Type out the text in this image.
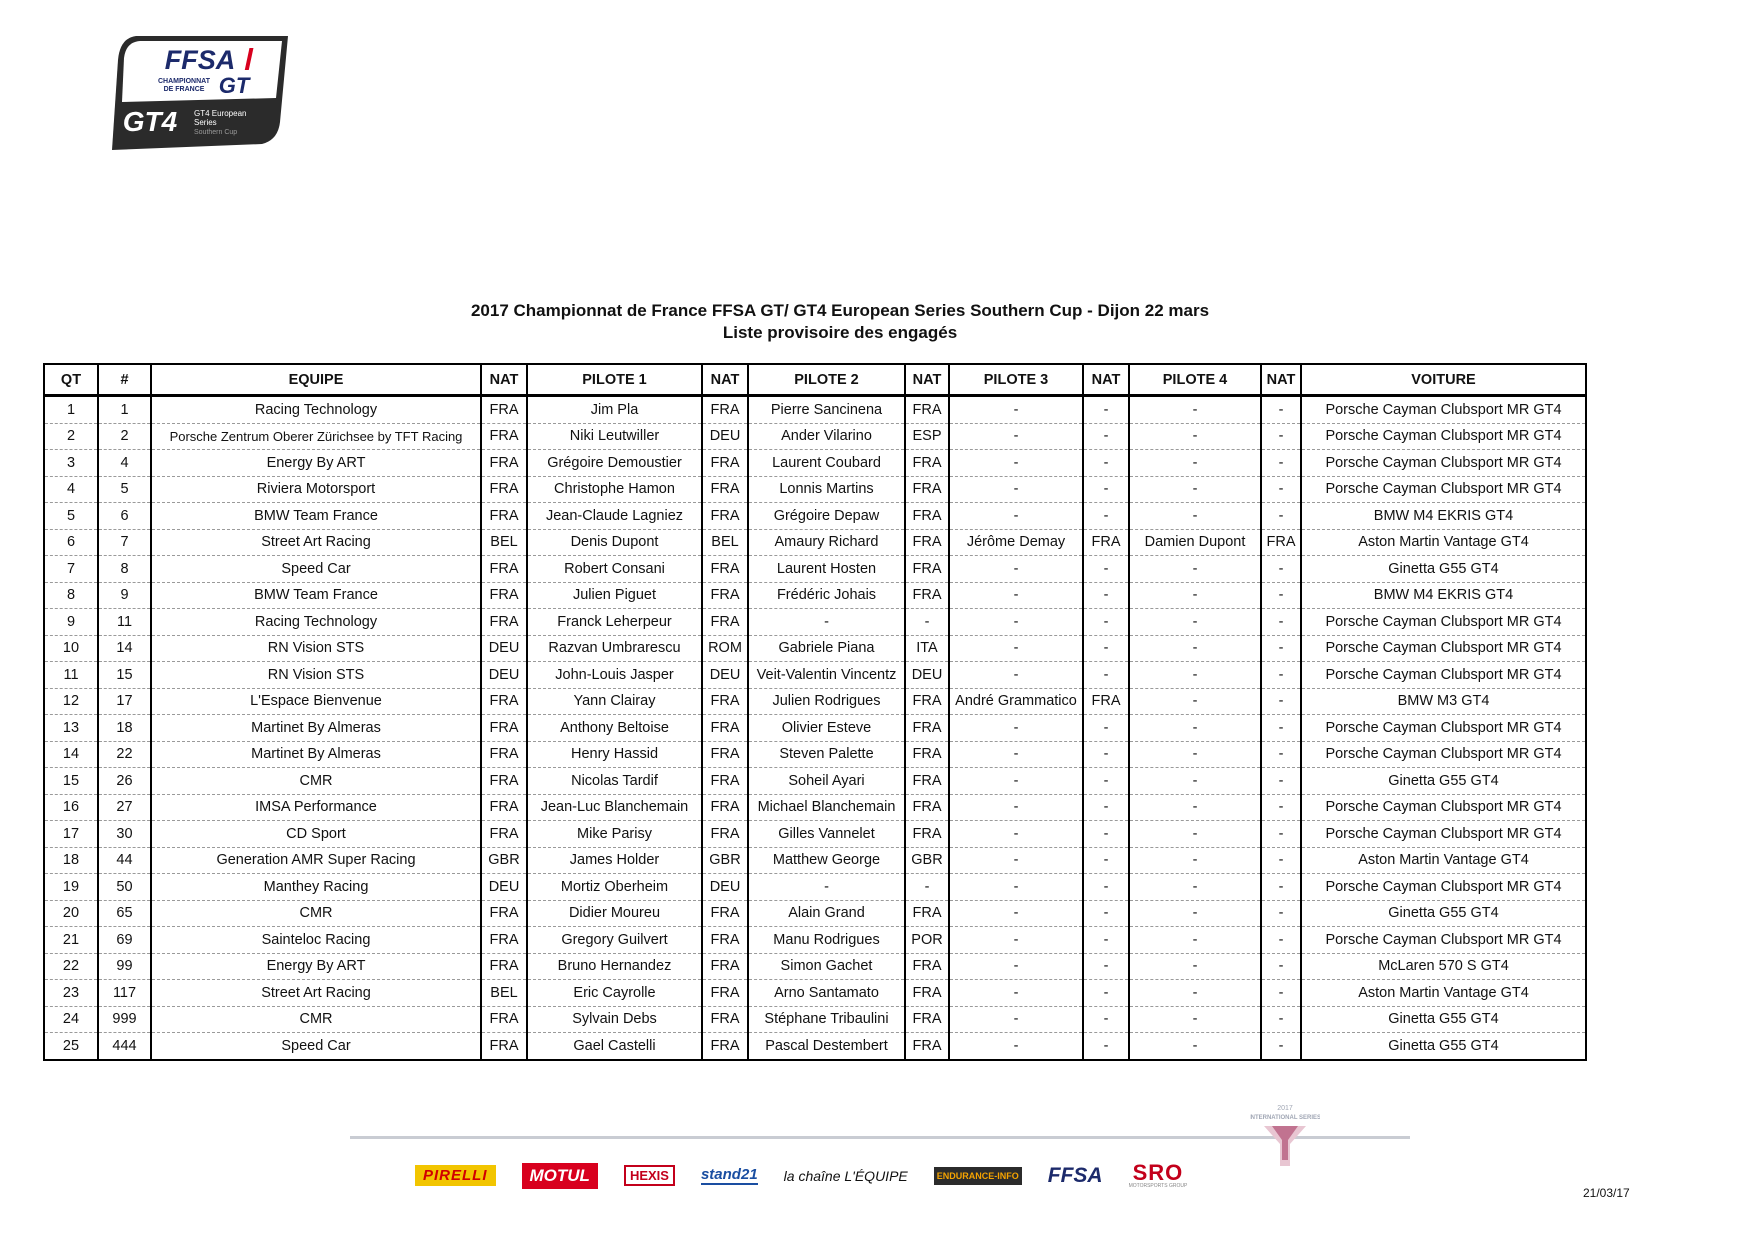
FFSA
CHAMPIONNAT
DE FRANCE GT
GT4 GT4 European
Series
Southern Cup
2017 Championnat de France FFSA GT/ GT4 European Series Southern Cup - Dijon 22 mars
Liste provisoire des engagés
QT	#	EQUIPE	NAT	PILOTE 1	NAT	PILOTE 2	NAT	PILOTE 3	NAT	PILOTE 4	NAT	VOITURE
1	1	Racing Technology	FRA	Jim Pla	FRA	Pierre Sancinena	FRA	-	-	-	-	Porsche Cayman Clubsport MR GT4
2	2	Porsche Zentrum Oberer Zürichsee by TFT Racing	FRA	Niki Leutwiller	DEU	Ander Vilarino	ESP	-	-	-	-	Porsche Cayman Clubsport MR GT4
3	4	Energy By ART	FRA	Grégoire Demoustier	FRA	Laurent Coubard	FRA	-	-	-	-	Porsche Cayman Clubsport MR GT4
4	5	Riviera Motorsport	FRA	Christophe Hamon	FRA	Lonnis Martins	FRA	-	-	-	-	Porsche Cayman Clubsport MR GT4
5	6	BMW Team France	FRA	Jean-Claude Lagniez	FRA	Grégoire Depaw	FRA	-	-	-	-	BMW M4 EKRIS GT4
6	7	Street Art Racing	BEL	Denis Dupont	BEL	Amaury Richard	FRA	Jérôme Demay	FRA	Damien Dupont	FRA	Aston Martin Vantage GT4
7	8	Speed Car	FRA	Robert Consani	FRA	Laurent Hosten	FRA	-	-	-	-	Ginetta G55 GT4
8	9	BMW Team France	FRA	Julien Piguet	FRA	Frédéric Johais	FRA	-	-	-	-	BMW M4 EKRIS GT4
9	11	Racing Technology	FRA	Franck Leherpeur	FRA	-	-	-	-	-	-	Porsche Cayman Clubsport MR GT4
10	14	RN Vision STS	DEU	Razvan Umbrarescu	ROM	Gabriele Piana	ITA	-	-	-	-	Porsche Cayman Clubsport MR GT4
11	15	RN Vision STS	DEU	John-Louis Jasper	DEU	Veit-Valentin Vincentz	DEU	-	-	-	-	Porsche Cayman Clubsport MR GT4
12	17	L'Espace Bienvenue	FRA	Yann Clairay	FRA	Julien Rodrigues	FRA	André Grammatico	FRA	-	-	BMW M3 GT4
13	18	Martinet By Almeras	FRA	Anthony Beltoise	FRA	Olivier Esteve	FRA	-	-	-	-	Porsche Cayman Clubsport MR GT4
14	22	Martinet By Almeras	FRA	Henry Hassid	FRA	Steven Palette	FRA	-	-	-	-	Porsche Cayman Clubsport MR GT4
15	26	CMR	FRA	Nicolas Tardif	FRA	Soheil Ayari	FRA	-	-	-	-	Ginetta G55 GT4
16	27	IMSA Performance	FRA	Jean-Luc Blanchemain	FRA	Michael Blanchemain	FRA	-	-	-	-	Porsche Cayman Clubsport MR GT4
17	30	CD Sport	FRA	Mike Parisy	FRA	Gilles Vannelet	FRA	-	-	-	-	Porsche Cayman Clubsport MR GT4
18	44	Generation AMR Super Racing	GBR	James Holder	GBR	Matthew George	GBR	-	-	-	-	Aston Martin Vantage GT4
19	50	Manthey Racing	DEU	Mortiz Oberheim	DEU	-	-	-	-	-	-	Porsche Cayman Clubsport MR GT4
20	65	CMR	FRA	Didier Moureu	FRA	Alain Grand	FRA	-	-	-	-	Ginetta G55 GT4
21	69	Sainteloc Racing	FRA	Gregory Guilvert	FRA	Manu Rodrigues	POR	-	-	-	-	Porsche Cayman Clubsport MR GT4
22	99	Energy By ART	FRA	Bruno Hernandez	FRA	Simon Gachet	FRA	-	-	-	-	McLaren 570 S GT4
23	117	Street Art Racing	BEL	Eric Cayrolle	FRA	Arno Santamato	FRA	-	-	-	-	Aston Martin Vantage GT4
24	999	CMR	FRA	Sylvain Debs	FRA	Stéphane Tribaulini	FRA	-	-	-	-	Ginetta G55 GT4
25	444	Speed Car	FRA	Gael Castelli	FRA	Pascal Destembert	FRA	-	-	-	-	Ginetta G55 GT4
2017
INTERNATIONAL SERIES
PIRELLI	MOTUL	HEXIS	stand21 la chaîne L'ÉQUIPE	ENDURANCE-INFO FFSA SRO
MOTORSPORTS GROUP	21/03/17
